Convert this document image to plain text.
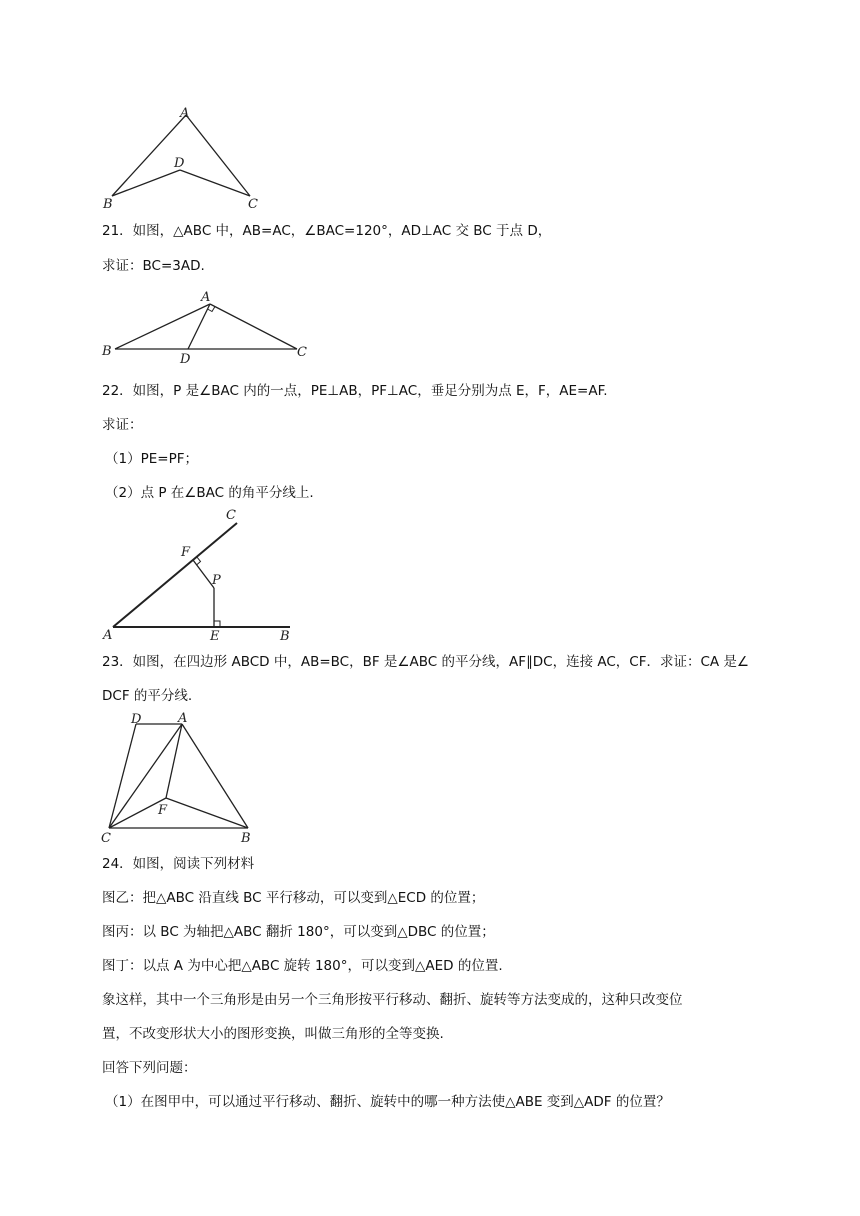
A
B	C
D
21．如图，△ABC 中，AB=AC，∠BAC=120°，AD⊥AC 交 BC 于点 D，
求证：BC=3AD.
A
B	C
D
22．如图，P 是∠BAC 内的一点，PE⊥AB，PF⊥AC，垂足分别为点 E，F，AE=AF.
求证：
（1）PE=PF；
（2）点 P 在∠BAC 的角平分线上.
A	B
C
E
F
P
23．如图，在四边形 ABCD 中，AB=BC，BF 是∠ABC 的平分线，AF∥DC，连接 AC，CF．求证：CA 是∠
DCF 的平分线.
A
B
C
D
F
24．如图，阅读下列材料
图乙：把△ABC 沿直线 BC 平行移动，可以变到△ECD 的位置；
图丙：以 BC 为轴把△ABC 翻折 180°，可以变到△DBC 的位置；
图丁：以点 A 为中心把△ABC 旋转 180°，可以变到△AED 的位置.
象这样，其中一个三角形是由另一个三角形按平行移动、翻折、旋转等方法变成的，这种只改变位
置，不改变形状大小的图形变换，叫做三角形的全等变换.
回答下列问题：
（1）在图甲中，可以通过平行移动、翻折、旋转中的哪一种方法使△ABE 变到△ADF 的位置？
